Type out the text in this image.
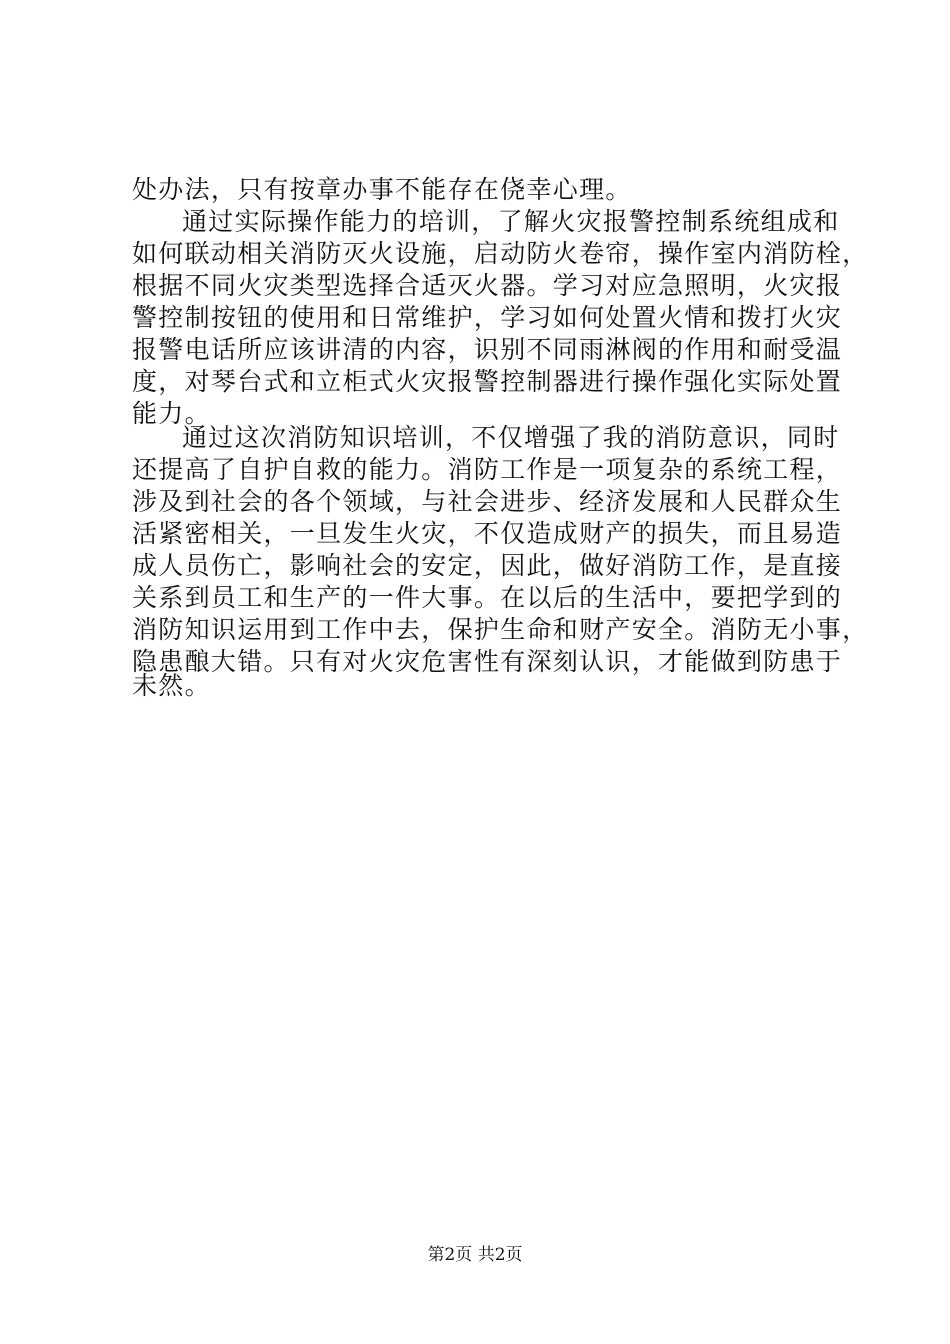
处办法，只有按章办事不能存在侥幸心理。
通过实际操作能力的培训，了解火灾报警控制系统组成和
如何联动相关消防灭火设施，启动防火卷帘，操作室内消防栓，
根据不同火灾类型选择合适灭火器。学习对应急照明，火灾报
警控制按钮的使用和日常维护，学习如何处置火情和拨打火灾
报警电话所应该讲清的内容，识别不同雨淋阀的作用和耐受温
度，对琴台式和立柜式火灾报警控制器进行操作强化实际处置
能力。
通过这次消防知识培训，不仅增强了我的消防意识，同时
还提高了自护自救的能力。消防工作是一项复杂的系统工程，
涉及到社会的各个领域，与社会进步、经济发展和人民群众生
活紧密相关，一旦发生火灾，不仅造成财产的损失，而且易造
成人员伤亡，影响社会的安定，因此，做好消防工作，是直接
关系到员工和生产的一件大事。在以后的生活中，要把学到的
消防知识运用到工作中去，保护生命和财产安全。消防无小事，
隐患酿大错。只有对火灾危害性有深刻认识，才能做到防患于
未然。
第2页 共2页
